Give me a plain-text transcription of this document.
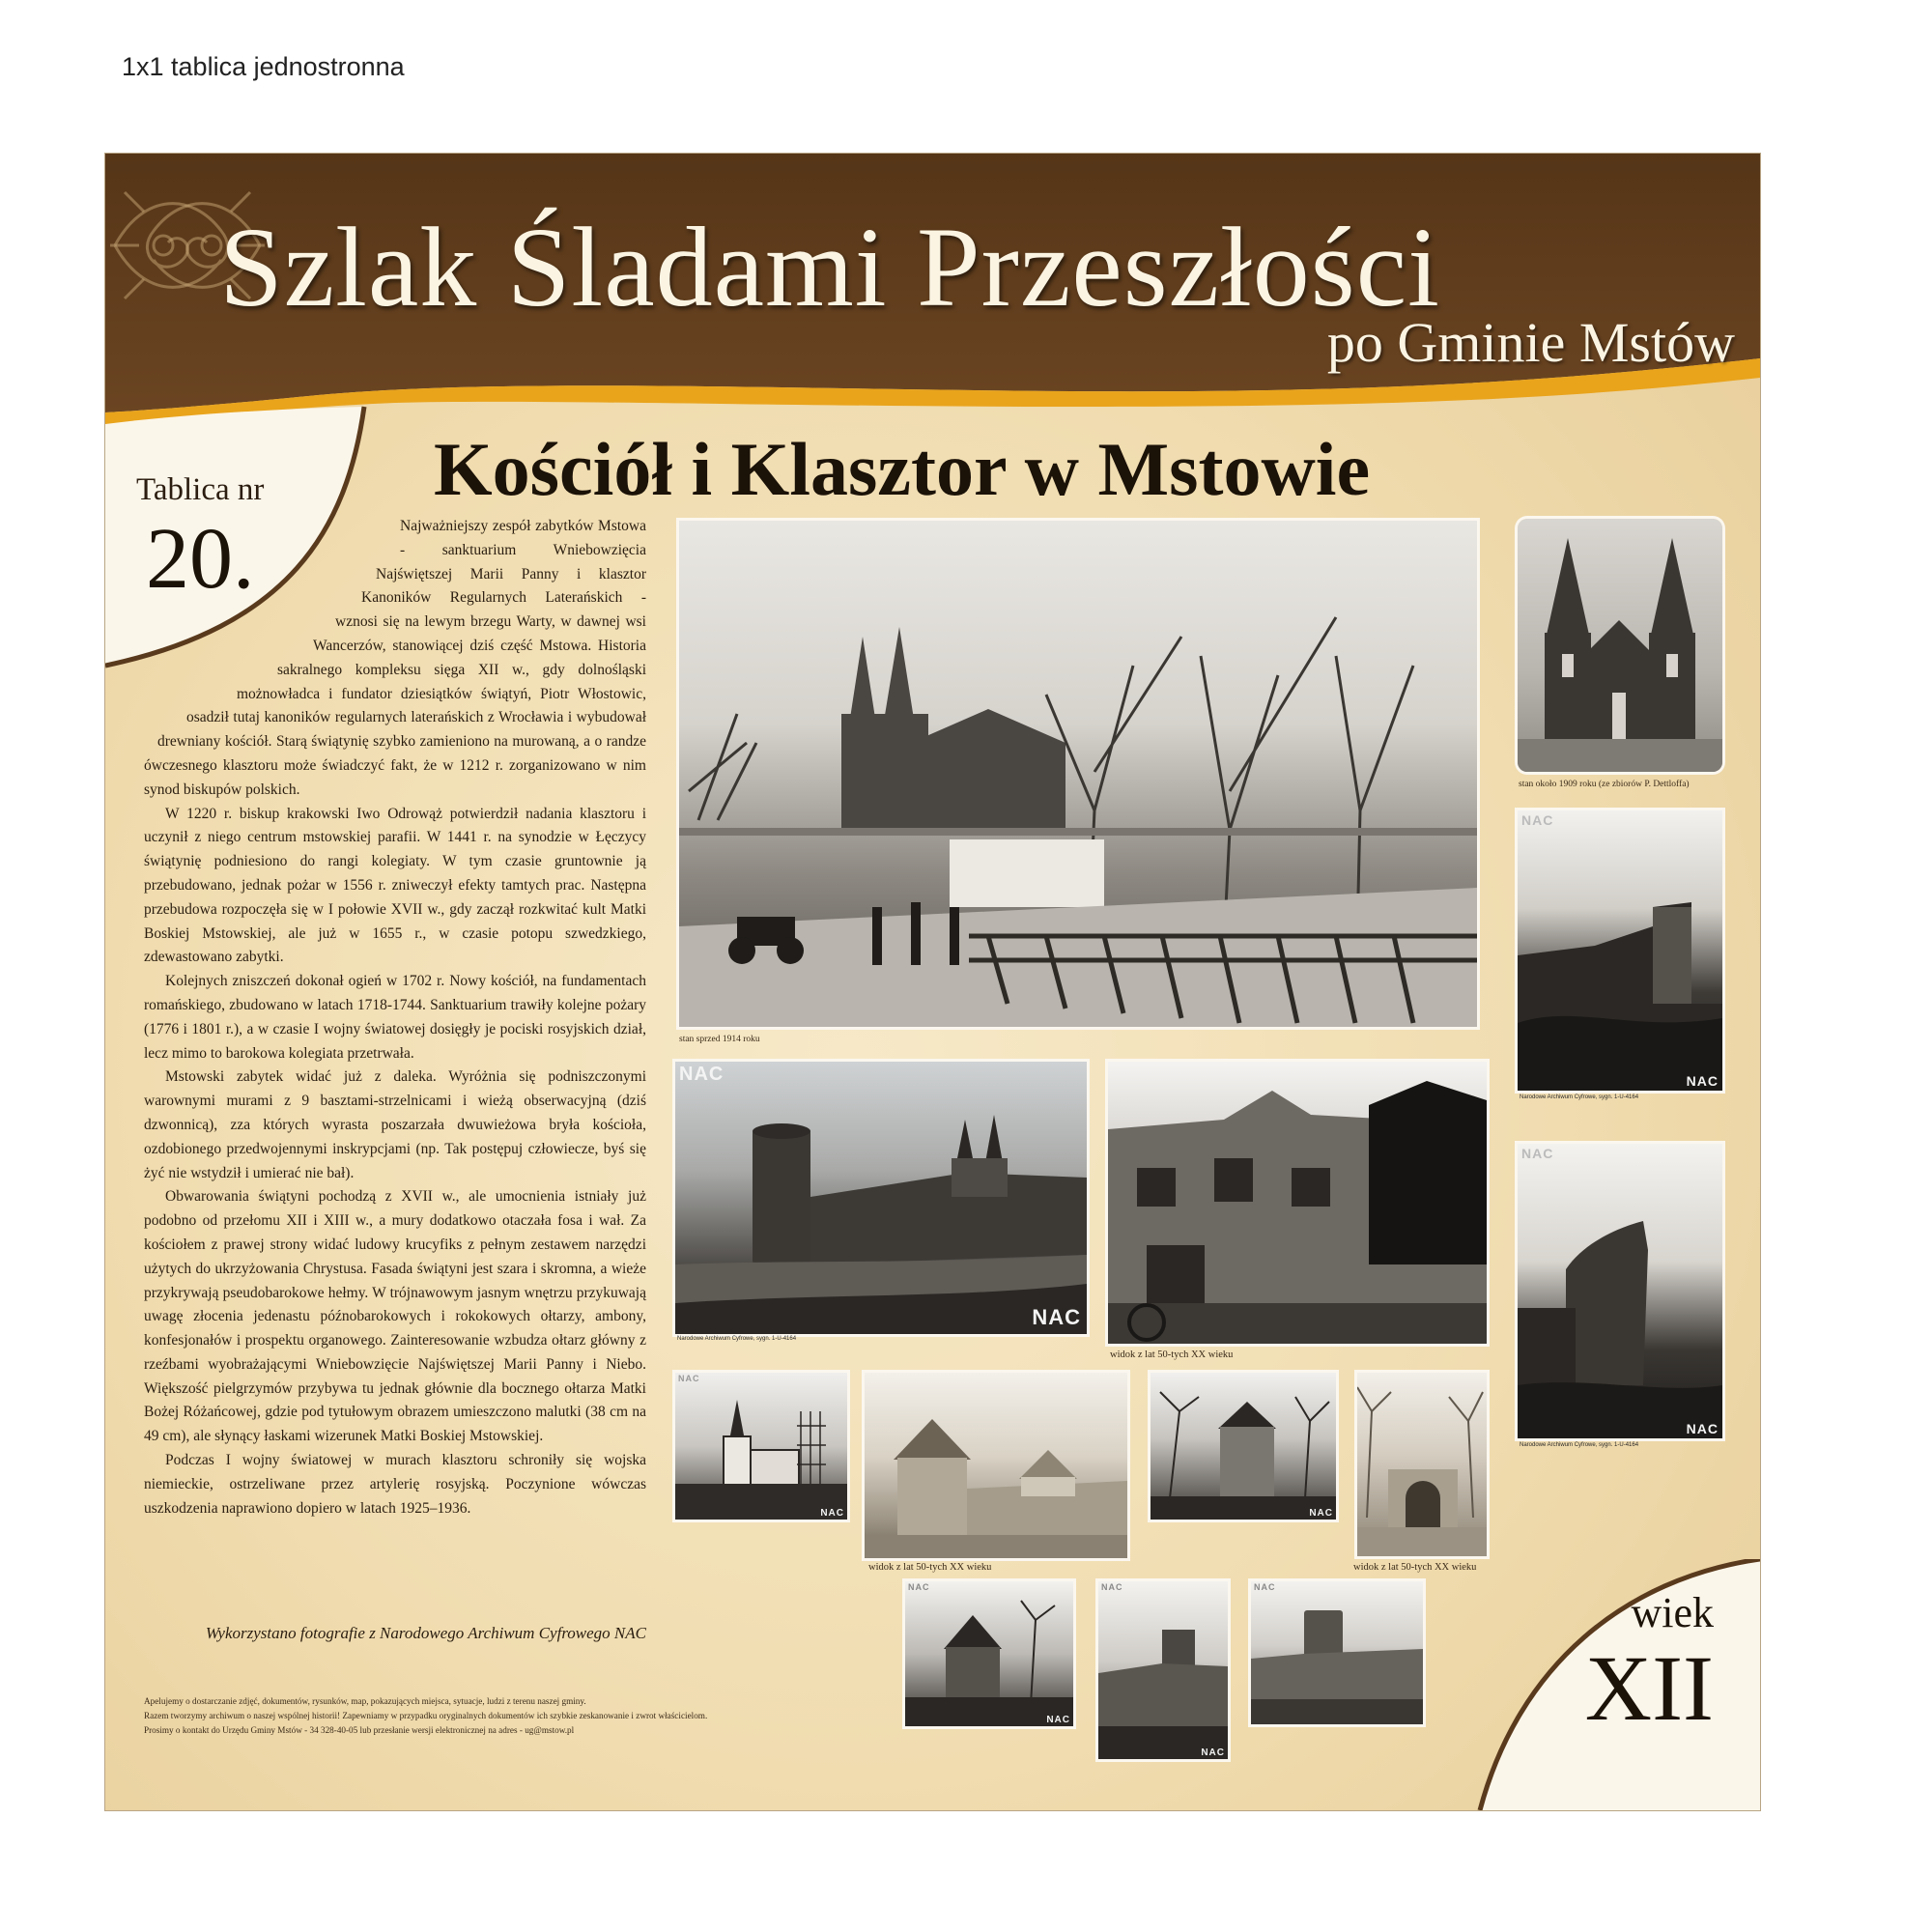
1x1 tablica jednostronna
Szlak Śladami Przeszłości
po Gminie Mstów
Tablica nr
20.
Kościół i Klasztor w Mstowie

Najważniejszy zespół zabytków Mstowa - sanktuarium Wniebowzięcia Najświętszej Marii Panny i klasztor Kanoników Regularnych Laterańskich - wznosi się na lewym brzegu Warty, w dawnej wsi Wancerzów, stanowiącej dziś część Mstowa. Historia sakralnego kompleksu sięga XII w., gdy dolnośląski możnowładca i fundator dziesiątków świątyń, Piotr Włostowic, osadził tutaj kanoników regularnych laterańskich z Wrocławia i wybudował drewniany kościół. Starą świątynię szybko zamieniono na murowaną, a o randze ówczesnego klasztoru może świadczyć fakt, że w 1212 r. zorganizowano w nim synod biskupów polskich.

W 1220 r. biskup krakowski Iwo Odrowąż potwierdził nadania klasztoru i uczynił z niego centrum mstowskiej parafii. W 1441 r. na synodzie w Łęczycy świątynię podniesiono do rangi kolegiaty. W tym czasie gruntownie ją przebudowano, jednak pożar w 1556 r. zniweczył efekty tamtych prac. Następna przebudowa rozpoczęła się w I połowie XVII w., gdy zaczął rozkwitać kult Matki Boskiej Mstowskiej, ale już w 1655 r., w czasie potopu szwedzkiego, zdewastowano zabytki.

Kolejnych zniszczeń dokonał ogień w 1702 r. Nowy kościół, na fundamentach romańskiego, zbudowano w latach 1718-1744. Sanktuarium trawiły kolejne pożary (1776 i 1801 r.), a w czasie I wojny światowej dosięgły je pociski rosyjskich dział, lecz mimo to barokowa kolegiata przetrwała.

Mstowski zabytek widać już z daleka. Wyróżnia się podniszczonymi warownymi murami z 9 basztami-strzelnicami i wieżą obserwacyjną (dziś dzwonnicą), zza których wyrasta poszarzała dwuwieżowa bryła kościoła, ozdobionego przedwojennymi inskrypcjami (np. Tak postępuj człowiecze, byś się żyć nie wstydził i umierać nie bał).

Obwarowania świątyni pochodzą z XVII w., ale umocnienia istniały już podobno od przełomu XII i XIII w., a mury dodatkowo otaczała fosa i wał. Za kościołem z prawej strony widać ludowy krucyfiks z pełnym zestawem narzędzi użytych do ukrzyżowania Chrystusa. Fasada świątyni jest szara i skromna, a wieże przykrywają pseudobarokowe hełmy. W trójnawowym jasnym wnętrzu przykuwają uwagę złocenia jedenastu późnobarokowych i rokokowych ołtarzy, ambony, konfesjonałów i prospektu organowego. Zainteresowanie wzbudza ołtarz główny z rzeźbami wyobrażającymi Wniebowzięcie Najświętszej Marii Panny i Niebo. Większość pielgrzymów przybywa tu jednak głównie dla bocznego ołtarza Matki Bożej Różańcowej, gdzie pod tytułowym obrazem umieszczono malutki (38 cm na 49 cm), ale słynący łaskami wizerunek Matki Boskiej Mstowskiej.

Podczas I wojny światowej w murach klasztoru schroniły się wojska niemieckie, ostrzeliwane przez artylerię rosyjską. Poczynione wówczas uszkodzenia naprawiono dopiero w latach 1925–1936.

Wykorzystano fotografie z Narodowego Archiwum Cyfrowego NAC
Apelujemy o dostarczanie zdjęć, dokumentów, rysunków, map, pokazujących miejsca, sytuacje, ludzi z terenu naszej gminy.
Razem tworzymy archiwum o naszej wspólnej historii! Zapewniamy w przypadku oryginalnych dokumentów ich szybkie zeskanowanie i zwrot właścicielom.
Prosimy o kontakt do Urzędu Gminy Mstów - 34 328-40-05 lub przesłanie wersji elektronicznej na adres - ug@mstow.pl
wiek
XII
stan sprzed 1914 roku
stan około 1909 roku (ze zbiorów P. Dettloffa)
NAC
NAC
Narodowe Archiwum Cyfrowe, sygn. 1-U-4164
NAC
NAC
Narodowe Archiwum Cyfrowe, sygn. 1-U-4164
NAC
NAC
Narodowe Archiwum Cyfrowe, sygn. 1-U-4164
widok z lat 50-tych XX wieku
NAC
NAC
widok z lat 50-tych XX wieku
NAC
widok z lat 50-tych XX wieku
NAC
NAC
NAC
NAC
NAC
